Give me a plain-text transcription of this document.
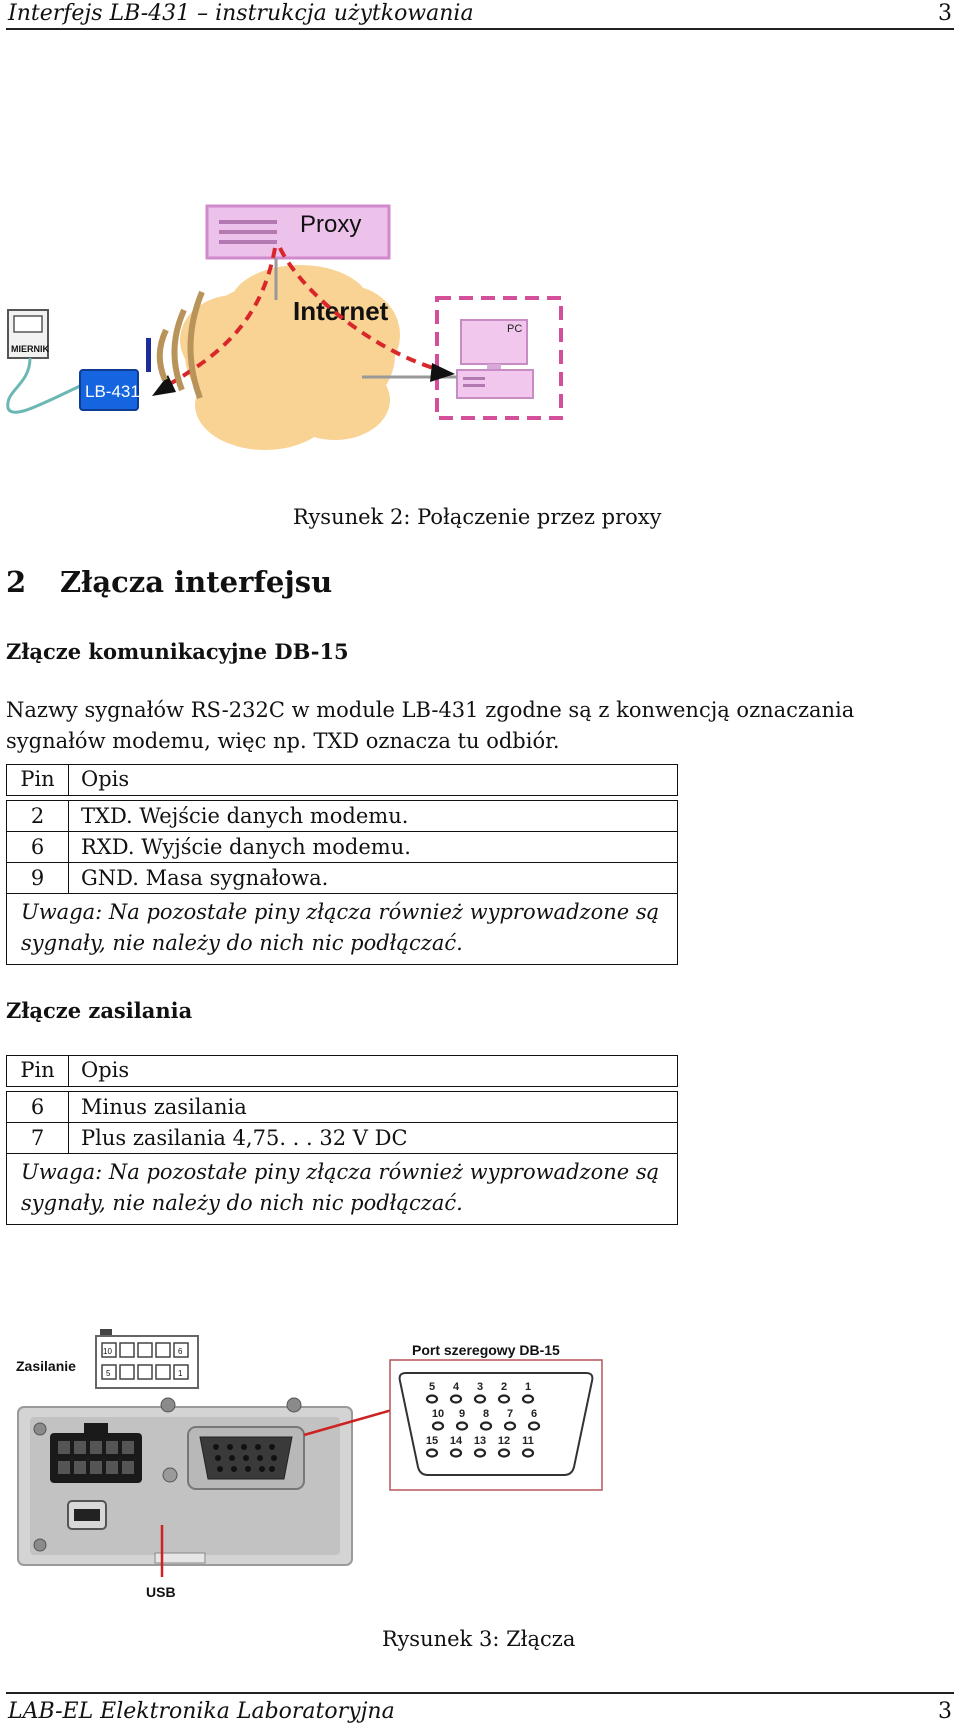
Interfejs LB-431 – instrukcja użytkowania	3
Internet
Proxy
PC
MIERNIK
LB-431
Rysunek 2: Połączenie przez proxy
2 Złącza interfejsu
Złącze komunikacyjne DB-15
Nazwy sygnałów RS-232C w module LB-431 zgodne są z konwencją oznaczania sygnałów modemu, więc np. TXD oznacza tu odbiór.
Pin	Opis
2	TXD. Wejście danych modemu.
6	RXD. Wyjście danych modemu.
9	GND. Masa sygnałowa.
Uwaga: Na pozostałe piny złącza również wyprowadzone są sygnały, nie należy do nich nic podłączać.
Złącze zasilania
Pin	Opis
6	Minus zasilania
7	Plus zasilania 4,75. . . 32 V DC
Uwaga: Na pozostałe piny złącza również wyprowadzone są sygnały, nie należy do nich nic podłączać.
10	6
5	1
Zasilanie
USB
5 4 3 2 1
10 9 8 7 6
15 14 13 12 11
Port szeregowy DB-15
Rysunek 3: Złącza
LAB-EL Elektronika Laboratoryjna	3
